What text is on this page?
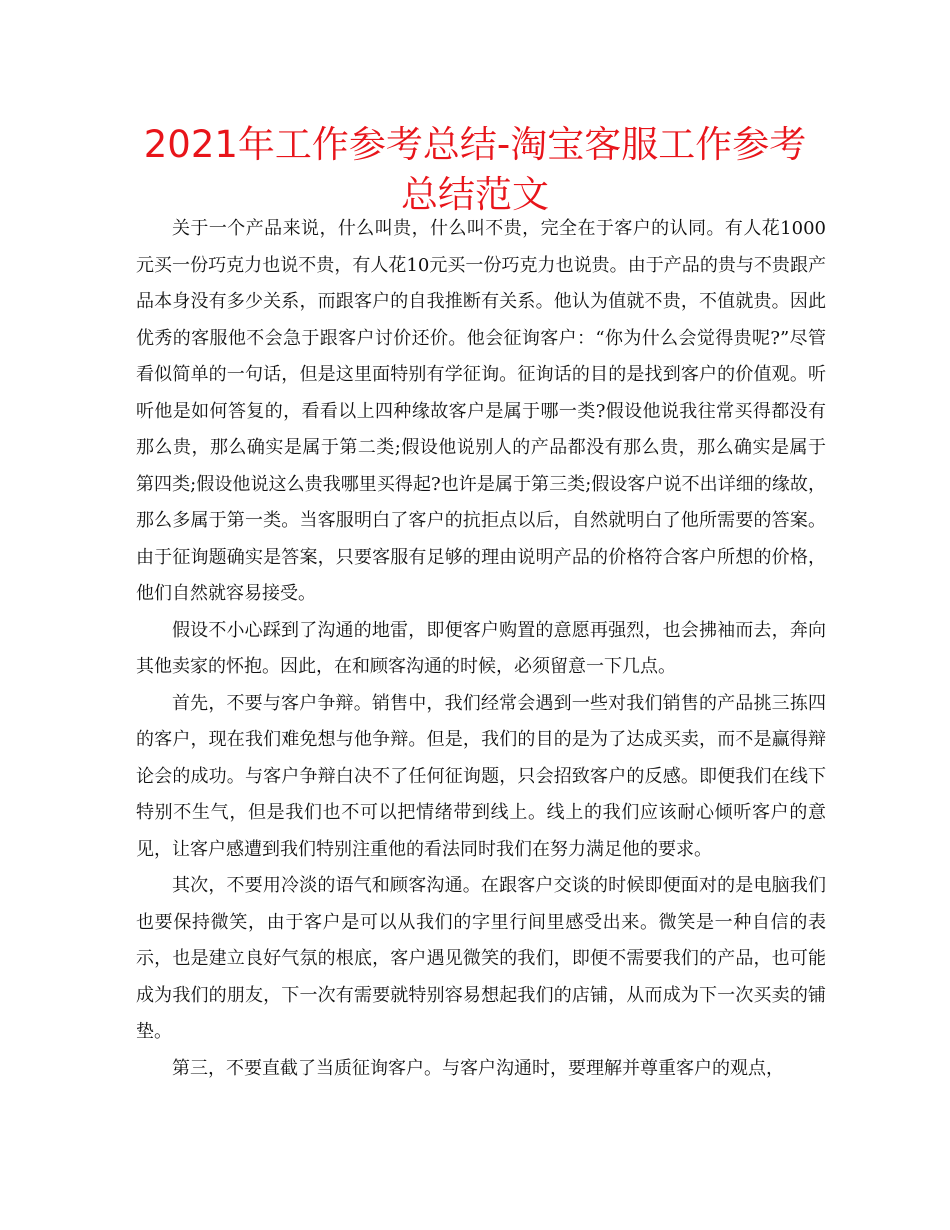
2021年工作参考总结-淘宝客服工作参考总结范文

关于一个产品来说，什么叫贵，什么叫不贵，完全在于客户的认同。有人花1000元买一份巧克力也说不贵，有人花10元买一份巧克力也说贵。由于产品的贵与不贵跟产品本身没有多少关系，而跟客户的自我推断有关系。他认为值就不贵，不值就贵。因此优秀的客服他不会急于跟客户讨价还价。他会征询客户：“你为什么会觉得贵呢?”尽管看似简单的一句话，但是这里面特别有学征询。征询话的目的是找到客户的价值观。听听他是如何答复的，看看以上四种缘故客户是属于哪一类?假设他说我往常买得都没有那么贵，那么确实是属于第二类;假设他说别人的产品都没有那么贵，那么确实是属于第四类;假设他说这么贵我哪里买得起?也许是属于第三类;假设客户说不出详细的缘故，那么多属于第一类。当客服明白了客户的抗拒点以后，自然就明白了他所需要的答案。由于征询题确实是答案，只要客服有足够的理由说明产品的价格符合客户所想的价格，他们自然就容易接受。

假设不小心踩到了沟通的地雷，即便客户购置的意愿再强烈，也会拂袖而去，奔向其他卖家的怀抱。因此，在和顾客沟通的时候，必须留意一下几点。

首先，不要与客户争辩。销售中，我们经常会遇到一些对我们销售的产品挑三拣四的客户，现在我们难免想与他争辩。但是，我们的目的是为了达成买卖，而不是赢得辩论会的成功。与客户争辩白决不了任何征询题，只会招致客户的反感。即便我们在线下特别不生气，但是我们也不可以把情绪带到线上。线上的我们应该耐心倾听客户的意见，让客户感遭到我们特别注重他的看法同时我们在努力满足他的要求。

其次，不要用冷淡的语气和顾客沟通。在跟客户交谈的时候即便面对的是电脑我们也要保持微笑，由于客户是可以从我们的字里行间里感受出来。微笑是一种自信的表示，也是建立良好气氛的根底，客户遇见微笑的我们，即便不需要我们的产品，也可能成为我们的朋友，下一次有需要就特别容易想起我们的店铺，从而成为下一次买卖的铺垫。

第三，不要直截了当质征询客户。与客户沟通时，要理解并尊重客户的观点，
